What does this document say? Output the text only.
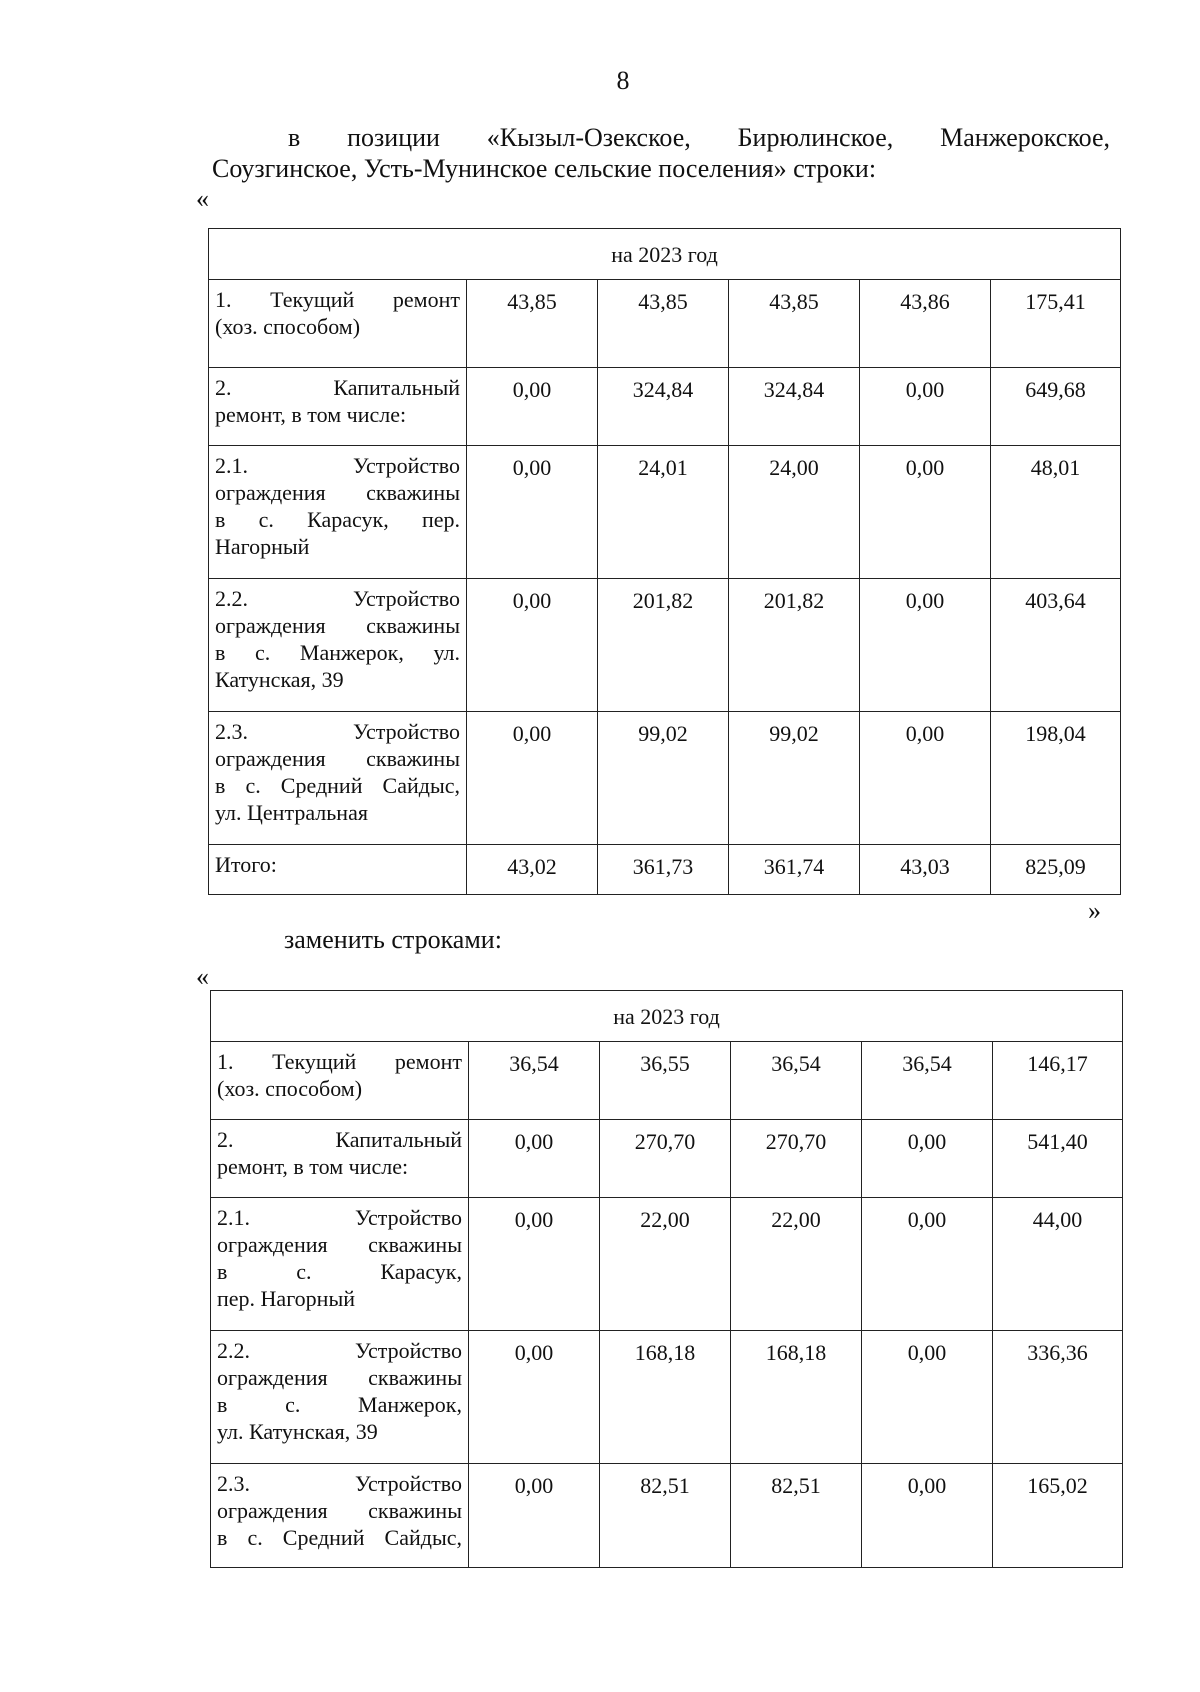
8
в позиции «Кызыл-Озекское, Бирюлинское, Манжерокское,
Соузгинское, Усть-Мунинское сельские поселения» строки:
«
на 2023 год					

1. Текущий ремонт
(хоз. способом)	43,85	43,85	43,85	43,86	175,41

2. Капитальный
ремонт, в том числе:	0,00	324,84	324,84	0,00	649,68

2.1. Устройство
ограждения скважины
в с. Карасук, пер.
Нагорный	0,00	24,01	24,00	0,00	48,01

2.2. Устройство
ограждения скважины
в с. Манжерок, ул.
Катунская, 39	0,00	201,82	201,82	0,00	403,64

2.3. Устройство
ограждения скважины
в с. Средний Сайдыс,
ул. Центральная	0,00	99,02	99,02	0,00	198,04
Итого:	43,02	361,73	361,74	43,03	825,09
»
заменить строками:
«
на 2023 год					

1. Текущий ремонт
(хоз. способом)	36,54	36,55	36,54	36,54	146,17

2. Капитальный
ремонт, в том числе:	0,00	270,70	270,70	0,00	541,40

2.1. Устройство
ограждения скважины
в с. Карасук,
пер. Нагорный	0,00	22,00	22,00	0,00	44,00

2.2. Устройство
ограждения скважины
в с. Манжерок,
ул. Катунская, 39	0,00	168,18	168,18	0,00	336,36

2.3. Устройство
ограждения скважины
в с. Средний Сайдыс,	0,00	82,51	82,51	0,00	165,02
